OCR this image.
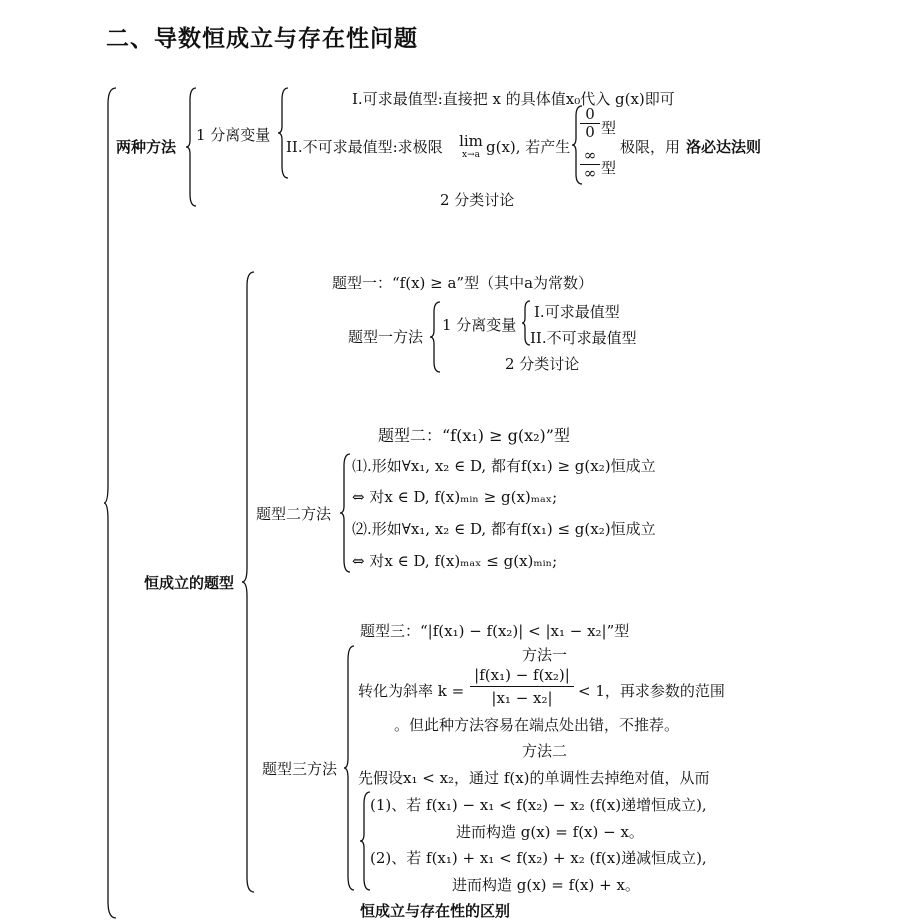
二、导数恒成立与存在性问题
两种方法
1 分离变量
I.可求最值型:直接把 x 的具体值x₀代入 g(x)即可
II.不可求最值型:求极限 lim
x→a g(x), 若产生
$\frac{0}{0}$ 型
∞
∞ 型
极限，用 洛必达法则
2 分类讨论
恒成立的题型
题型一：“f(x) ≥ a”型（其中a为常数）
题型一方法
1 分离变量
I.可求最值型
II.不可求最值型
2 分类讨论
题型二：“f(x₁) ≥ g(x₂)”型
题型二方法
⑴.形如∀x₁, x₂ ∈ D, 都有f(x₁) ≥ g(x₂)恒成立
⇔ 对x ∈ D, f(x)ₘᵢₙ ≥ g(x)ₘₐₓ;
⑵.形如∀x₁, x₂ ∈ D, 都有f(x₁) ≤ g(x₂)恒成立
⇔ 对x ∈ D, f(x)ₘₐₓ ≤ g(x)ₘᵢₙ;
题型三：“|f(x₁) − f(x₂)| < |x₁ − x₂|”型
题型三方法
方法一
转化为斜率 $k = \frac{\text{|f(x₁) − f(x₂)|}}{\text{|x₁ − x₂|}} < 1$，再求参数的范围
。但此种方法容易在端点处出错，不推荐。
方法二
先假设x₁ < x₂，通过 f(x)的单调性去掉绝对值，从而
(1)、若 f(x₁) − x₁ < f(x₂) − x₂ (f(x)递增恒成立),
进而构造 g(x) = f(x) − x。
(2)、若 f(x₁) + x₁ < f(x₂) + x₂ (f(x)递减恒成立),
进而构造 g(x) = f(x) + x。
恒成立与存在性的区别
